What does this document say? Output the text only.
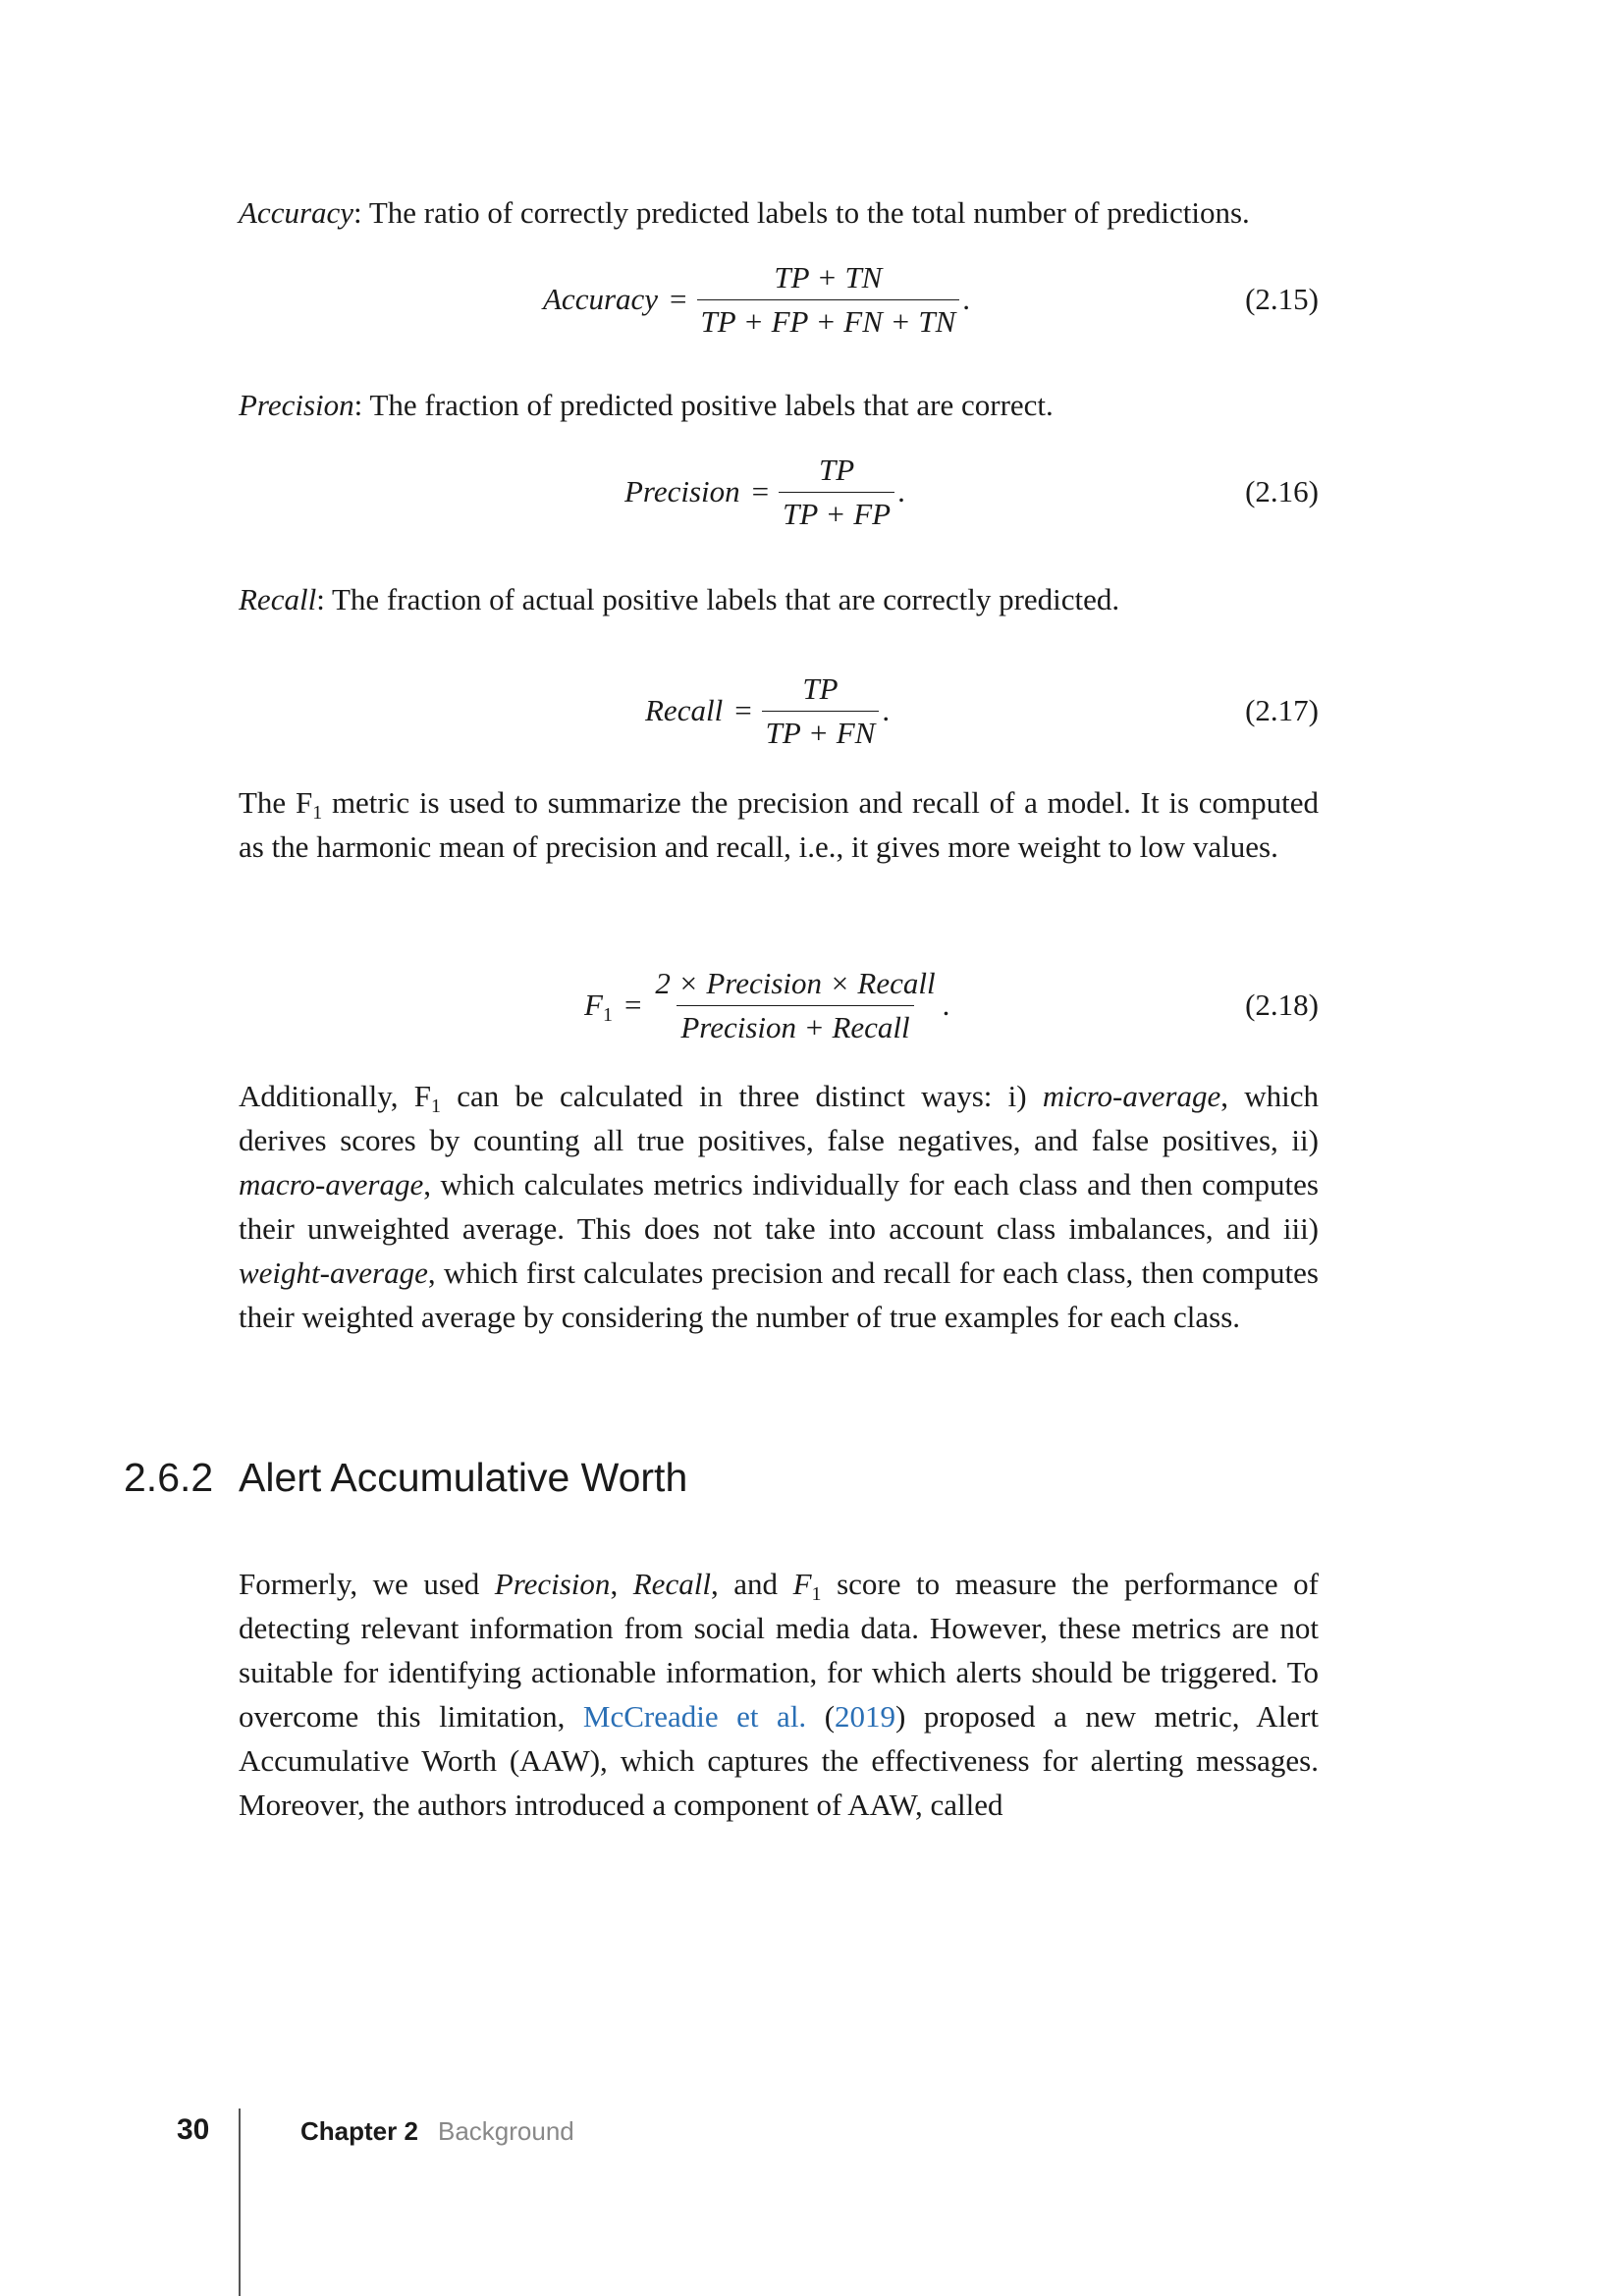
Accuracy: The ratio of correctly predicted labels to the total number of predictions.

Accuracy = $\frac{TP + TN}{TP + FP + FN + TN}$ .	(2.15)

Precision: The fraction of predicted positive labels that are correct.

Precision = $\frac{TP}{TP + FP}$ .	(2.16)

Recall: The fraction of actual positive labels that are correctly predicted.

Recall = $\frac{TP}{TP + FN}$ .	(2.17)

The $F_1$ metric is used to summarize the precision and recall of a model. It is computed as the harmonic mean of precision and recall, i.e., it gives more weight to low values.

$F_1 = \frac{\text{2 × Precision × Recall}}{\text{Precision + Recall}}$ .	(2.18)

Additionally, $F_1$ can be calculated in three distinct ways: i) micro-average, which derives scores by counting all true positives, false negatives, and false positives, ii) macro-average, which calculates metrics individually for each class and then computes their unweighted average. This does not take into account class imbalances, and iii) weight-average, which first calculates precision and recall for each class, then computes their weighted average by considering the number of true examples for each class.

2.6.2 Alert Accumulative Worth

Formerly, we used Precision, Recall, and $F_1$ score to measure the performance of detecting relevant information from social media data. However, these metrics are not suitable for identifying actionable information, for which alerts should be triggered. To overcome this limitation, McCreadie et al. (2019) proposed a new metric, Alert Accumulative Worth (AAW), which captures the effectiveness for alerting messages. Moreover, the authors introduced a component of AAW, called

30	Chapter 2 Background
